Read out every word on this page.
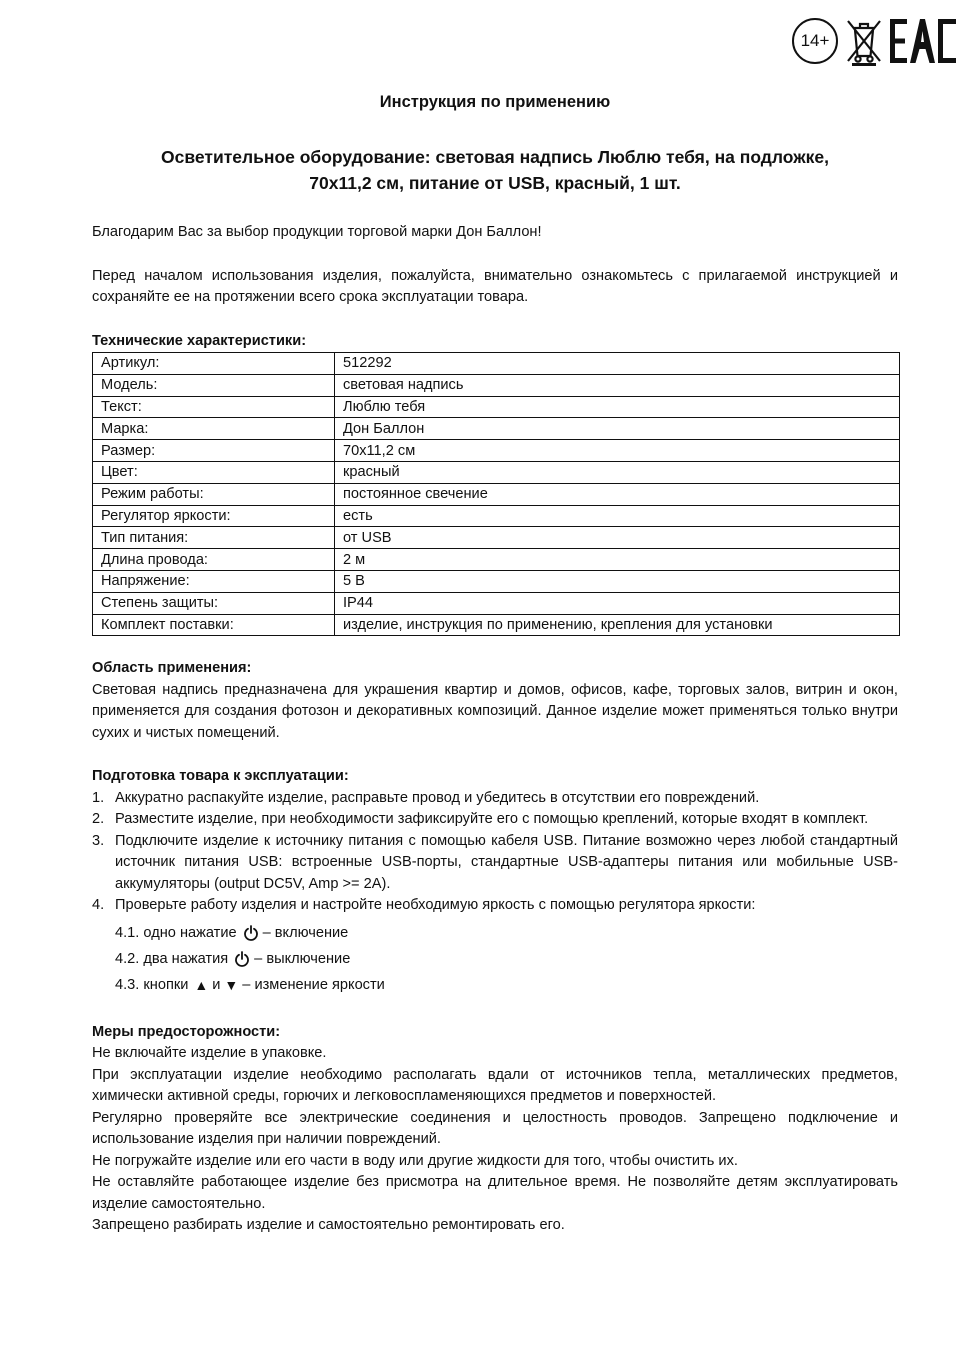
14+
Инструкция по применению
Осветительное оборудование: световая надпись Люблю тебя, на подложке,
70х11,2 см, питание от USB, красный, 1 шт.

Благодарим Вас за выбор продукции торговой марки Дон Баллон!

Перед началом использования изделия, пожалуйста, внимательно ознакомьтесь с прилагаемой инструкцией и сохраняйте ее на протяжении всего срока эксплуатации товара.

Технические характеристики:
Артикул:	512292
Модель:	световая надпись
Текст:	Люблю тебя
Марка:	Дон Баллон
Размер:	70х11,2 см
Цвет:	красный
Режим работы:	постоянное свечение
Регулятор яркости:	есть
Тип питания:	от USB
Длина провода:	2 м
Напряжение:	5 В
Степень защиты:	IP44
Комплект поставки:	изделие, инструкция по применению, крепления для установки
Область применения:

Световая надпись предназначена для украшения квартир и домов, офисов, кафе, торговых залов, витрин и окон, применяется для создания фотозон и декоративных композиций. Данное изделие может применяться только внутри сухих и чистых помещений.

Подготовка товара к эксплуатации:
1. Аккуратно распакуйте изделие, расправьте провод и убедитесь в отсутствии его повреждений.
2. Разместите изделие, при необходимости зафиксируйте его с помощью креплений, которые входят в комплект.
3. Подключите изделие к источнику питания с помощью кабеля USB. Питание возможно через любой стандартный источник питания USB: встроенные USB-порты, стандартные USB-адаптеры питания или мобильные USB-аккумуляторы (output DC5V, Amp >= 2A).
4. Проверьте работу изделия и настройте необходимую яркость с помощью регулятора яркости:
4.1. одно нажатие – включение
4.2. два нажатия – выключение
4.3. кнопки ▲ и ▼ – изменение яркости
Меры предосторожности:

Не включайте изделие в упаковке.

При эксплуатации изделие необходимо располагать вдали от источников тепла, металлических предметов, химически активной среды, горючих и легковоспламеняющихся предметов и поверхностей.

Регулярно проверяйте все электрические соединения и целостность проводов. Запрещено подключение и использование изделия при наличии повреждений.

Не погружайте изделие или его части в воду или другие жидкости для того, чтобы очистить их.

Не оставляйте работающее изделие без присмотра на длительное время. Не позволяйте детям эксплуатировать изделие самостоятельно.

Запрещено разбирать изделие и самостоятельно ремонтировать его.
